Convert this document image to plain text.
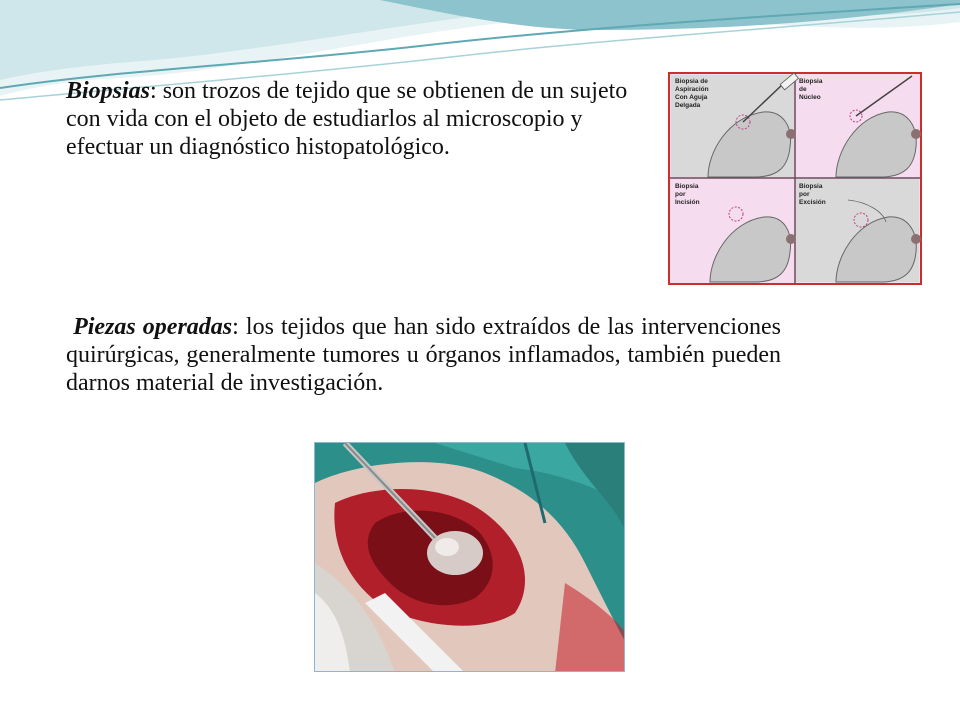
Biopsias: son trozos de tejido que se obtienen de un sujeto con vida con el objeto de estudiarlos al microscopio y efectuar un diagnóstico histopatológico.

Piezas operadas: los tejidos que han sido extraídos de las intervenciones quirúrgicas, generalmente tumores u órganos inflamados, también pueden darnos material de investigación.

Biopsia de Aspiración Con Aguja Delgada
Biopsia de Núcleo
Biopsia por Incisión
Biopsia por Excisión
